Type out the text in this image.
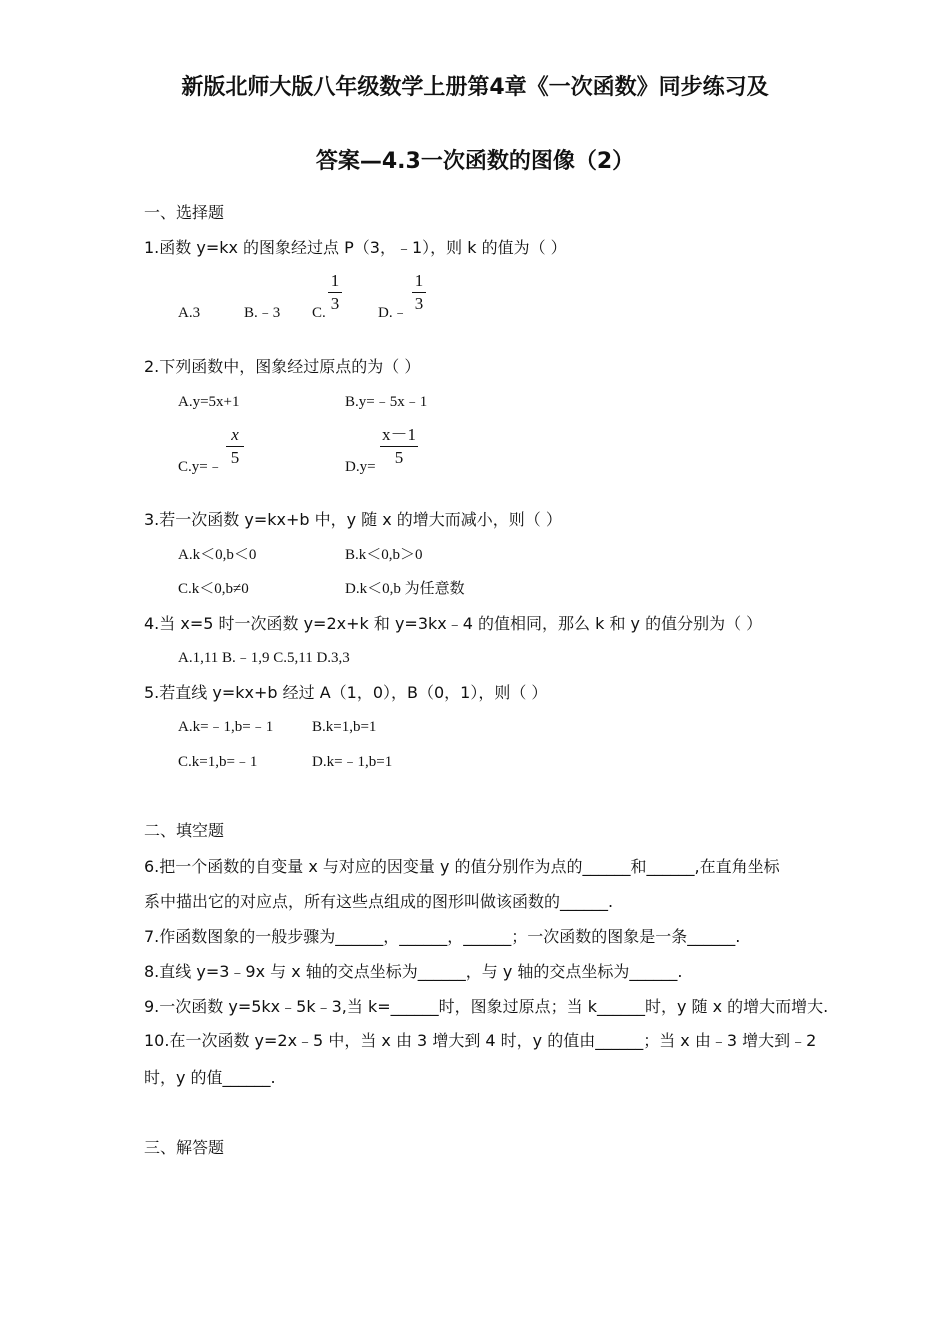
新版北师大版八年级数学上册第4章《一次函数》同步练习及
答案—4.3一次函数的图像（2）
一、选择题
1.函数 y=kx 的图象经过点 P（3，﹣1），则 k 的值为（ ）
A.3	B.﹣3 C.
1
3	D.﹣
1
3
2.下列函数中，图象经过原点的为（ ）
A.y=5x+1	B.y=﹣5x﹣1
C.y=﹣
x
5	D.y=
x－1
5
3.若一次函数 y=kx+b 中，y 随 x 的增大而减小，则（ ）
A.k＜0,b＜0	B.k＜0,b＞0
C.k＜0,b≠0	D.k＜0,b 为任意数
4.当 x=5 时一次函数 y=2x+k 和 y=3kx﹣4 的值相同，那么 k 和 y 的值分别为（ ）
A.1,11 B.﹣1,9 C.5,11 D.3,3
5.若直线 y=kx+b 经过 A（1，0），B（0，1），则（ ）
A.k=﹣1,b=﹣1	B.k=1,b=1
C.k=1,b=﹣1	D.k=﹣1,b=1
二、填空题
6.把一个函数的自变量 x 与对应的因变量 y 的值分别作为点的______和______,在直角坐标
系中描出它的对应点，所有这些点组成的图形叫做该函数的______.
7.作函数图象的一般步骤为______，______，______；一次函数的图象是一条______.
8.直线 y=3﹣9x 与 x 轴的交点坐标为______，与 y 轴的交点坐标为______.
9.一次函数 y=5kx﹣5k﹣3,当 k=______时，图象过原点；当 k______时，y 随 x 的增大而增大.
10.在一次函数 y=2x﹣5 中，当 x 由 3 增大到 4 时，y 的值由______；当 x 由﹣3 增大到﹣2
时，y 的值______.
三、解答题
